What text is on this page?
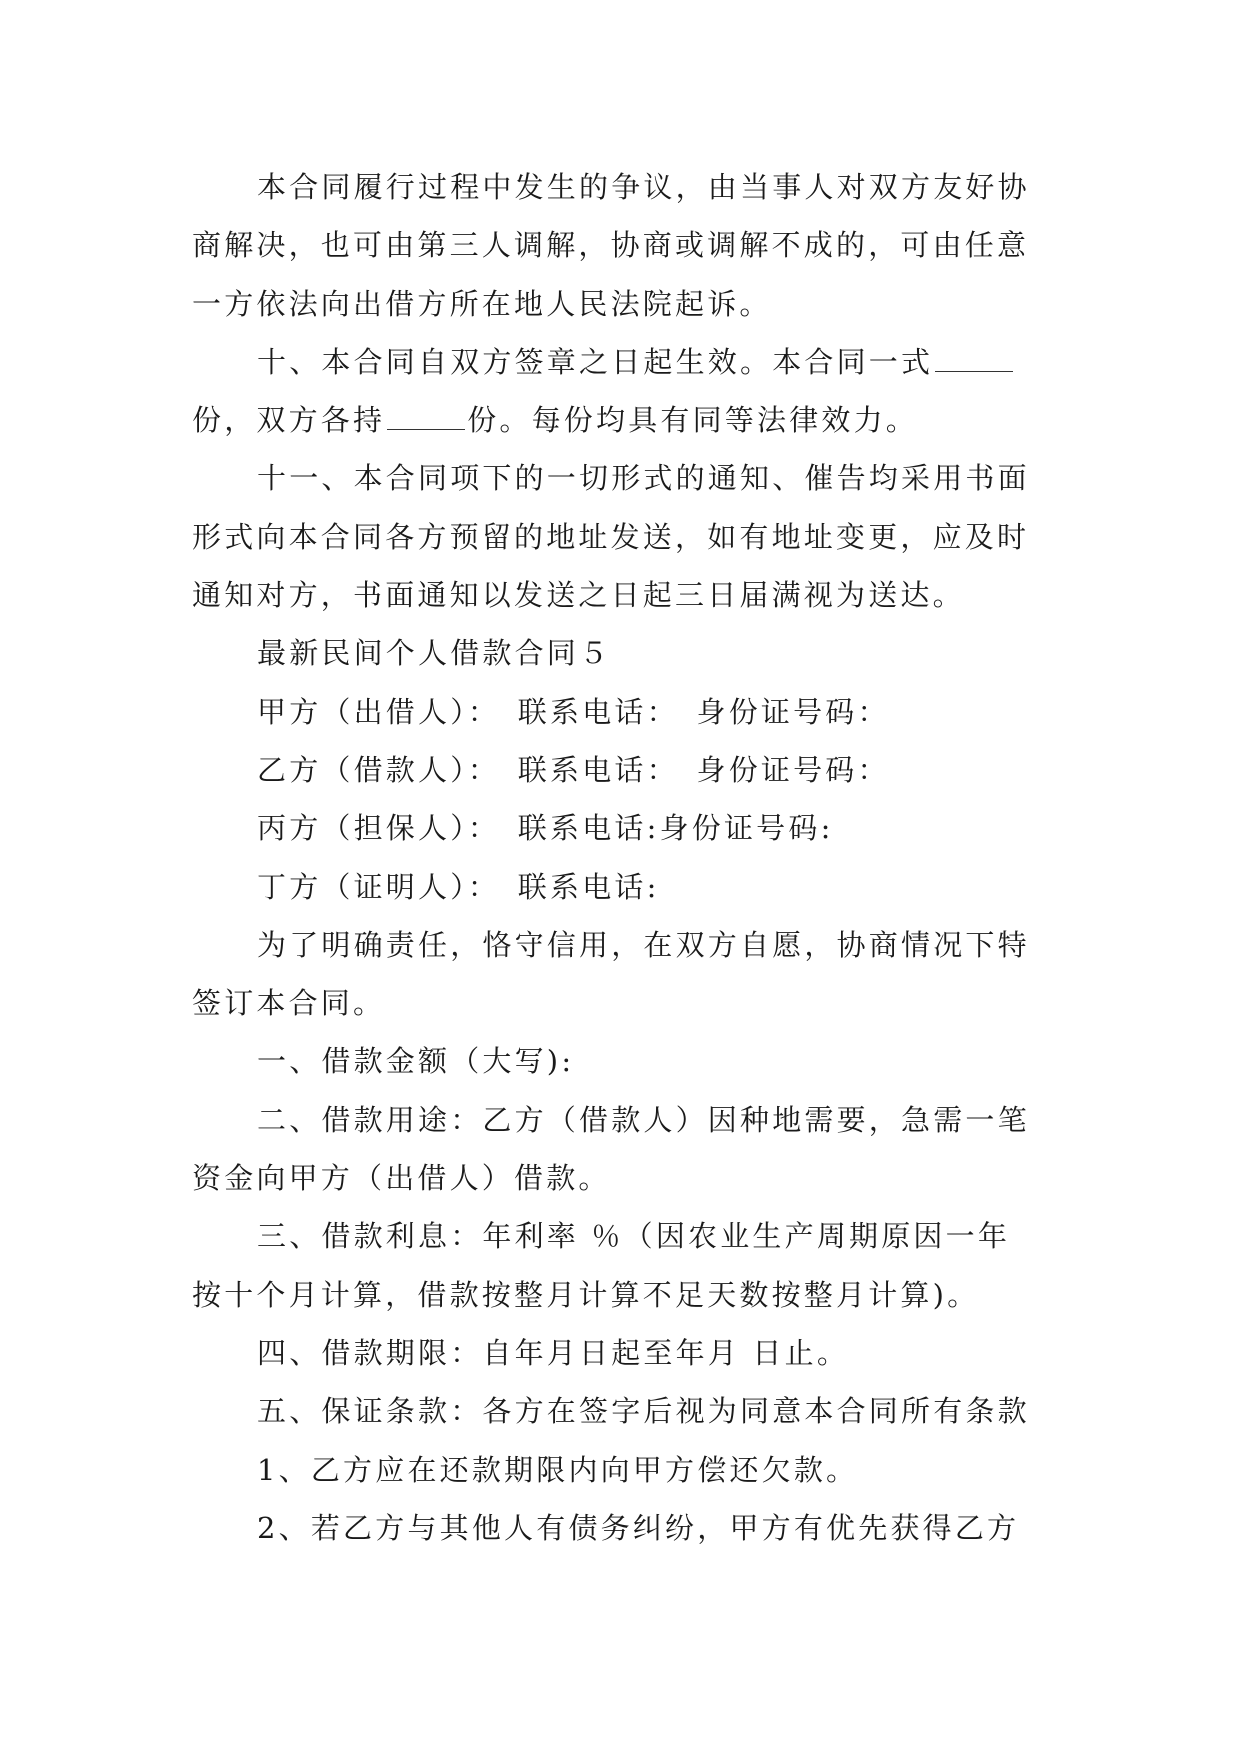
本合同履行过程中发生的争议，由当事人对双方友好协
商解决，也可由第三人调解，协商或调解不成的，可由任意
一方依法向出借方所在地人民法院起诉。
十、本合同自双方签章之日起生效。本合同一式
份，双方各持	份。每份均具有同等法律效力。
十一、本合同项下的一切形式的通知、催告均采用书面
形式向本合同各方预留的地址发送，如有地址变更，应及时
通知对方，书面通知以发送之日起三日届满视为送达。
最新民间个人借款合同５
甲方（出借人）：　联系电话：　身份证号码：
乙方（借款人）：　联系电话：　身份证号码：
丙方（担保人）：　联系电话:身份证号码:
丁方（证明人）：　联系电话:
为了明确责任，恪守信用，在双方自愿，协商情况下特
签订本合同。
一、借款金额（大写):
二、借款用途：乙方（借款人）因种地需要，急需一笔
资金向甲方（出借人）借款。
三、借款利息：年利率 ％（因农业生产周期原因一年
按十个月计算，借款按整月计算不足天数按整月计算)。
四、借款期限：自年月日起至年月 日止。
五、保证条款：各方在签字后视为同意本合同所有条款
1、乙方应在还款期限内向甲方偿还欠款。
2、若乙方与其他人有债务纠纷，甲方有优先获得乙方
